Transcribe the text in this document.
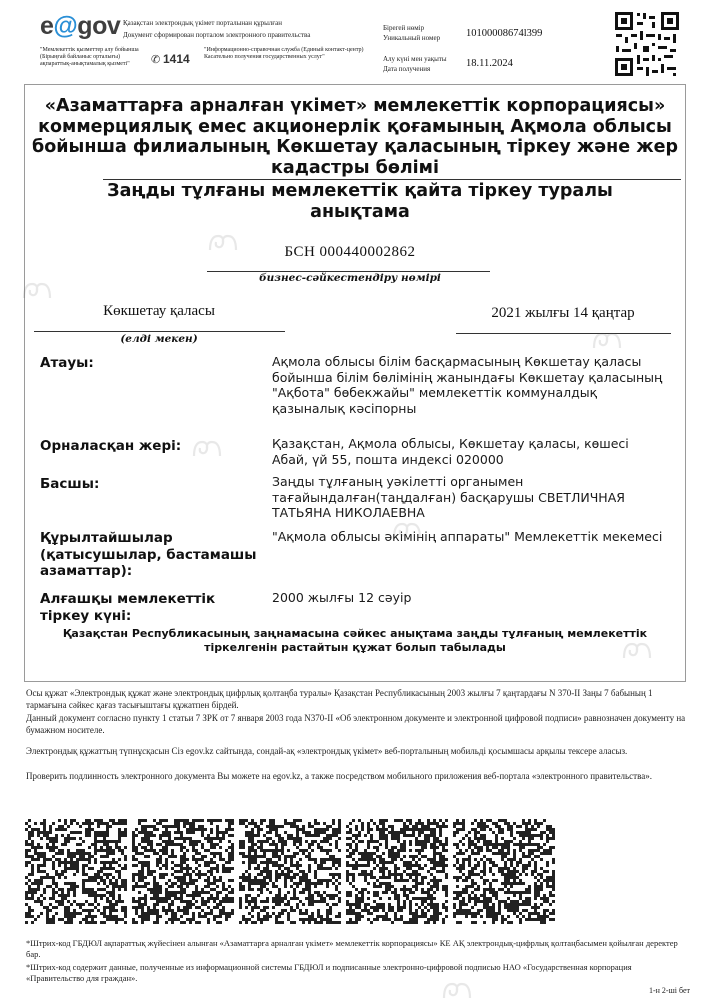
e@gov Қазақстан электрондық үкімет порталынан құрылған
Документ сформирован порталом электронного правительства
"Мемлекеттік қызметтер алу бойынша (Бірыңғай байланыс орталығы) ақпараттық-анықтамалық қызметі"	✆ 1414
"Информационно-справочная служба (Единый контакт-центр) Касательно получения государственных услуг"
Бірегей нөмір
Уникальный номер 10100008674l399
Алу күні мен уақыты
Дата получения	18.11.2024
«Азаматтарға арналған үкімет» мемлекеттік корпорациясы» коммерциялық емес акционерлік қоғамының Ақмола облысы бойынша филиалының Көкшетау қаласының тіркеу және жер кадастры бөлімі
Заңды тұлғаны мемлекеттік қайта тіркеу туралы анықтама
БСН 000440002862
бизнес-сәйкестендіру нөмірі
Көкшетау қаласы
(елді мекен)
2021 жылғы 14 қаңтар
Атауы:	Ақмола облысы білім басқармасының Көкшетау қаласы бойынша білім бөлімінің жанындағы Көкшетау қаласының "Ақбота" бөбекжайы" мемлекеттік коммуналдық қазыналық кәсіпорны
Орналасқан жері:	Қазақстан, Ақмола облысы, Көкшетау қаласы, көшесі Абай, үй 55, пошта индексі 020000
Басшы:	Заңды тұлғаның уәкілетті органымен тағайындалған(таңдалған) басқарушы СВЕТЛИЧНАЯ ТАТЬЯНА НИКОЛАЕВНА
Құрылтайшылар (қатысушылар, бастамашы азаматтар):
"Ақмола облысы әкімінің аппараты" Мемлекеттік мекемесі
Алғашқы мемлекеттік тіркеу күні:
2000 жылғы 12 сәуір
Қазақстан Республикасының заңнамасына сәйкес анықтама заңды тұлғаның мемлекеттік тіркелгенін растайтын құжат болып табылады
Осы құжат «Электрондық құжат және электрондық цифрлық қолтаңба туралы» Қазақстан Республикасының 2003 жылғы 7 қаңтардағы N 370-II Заңы 7 бабының 1 тармағына сәйкес қағаз тасығыштағы құжатпен бірдей.
Данный документ согласно пункту 1 статьи 7 ЗРК от 7 января 2003 года N370-II «Об электронном документе и электронной цифровой подписи» равнозначен документу на бумажном носителе.
Электрондық құжаттың түпнұсқасын Сіз egov.kz сайтында, сондай-ақ «электрондық үкімет» веб-порталының мобильді қосымшасы арқылы тексере аласыз.
Проверить подлинность электронного документа Вы можете на egov.kz, а также посредством мобильного приложения веб-портала «электронного правительства».
*Штрих-код ГБДЮЛ ақпараттық жүйесінен алынған «Азаматтарға арналған үкімет» мемлекеттік корпорациясы» КЕ АҚ электрондық-цифрлық қолтаңбасымен қойылған деректер бар.
*Штрих-код содержит данные, полученные из информационной системы ГБДЮЛ и подписанные электронно-цифровой подписью НАО «Государственная корпорация «Правительство для граждан».
1-н 2-ші бет
